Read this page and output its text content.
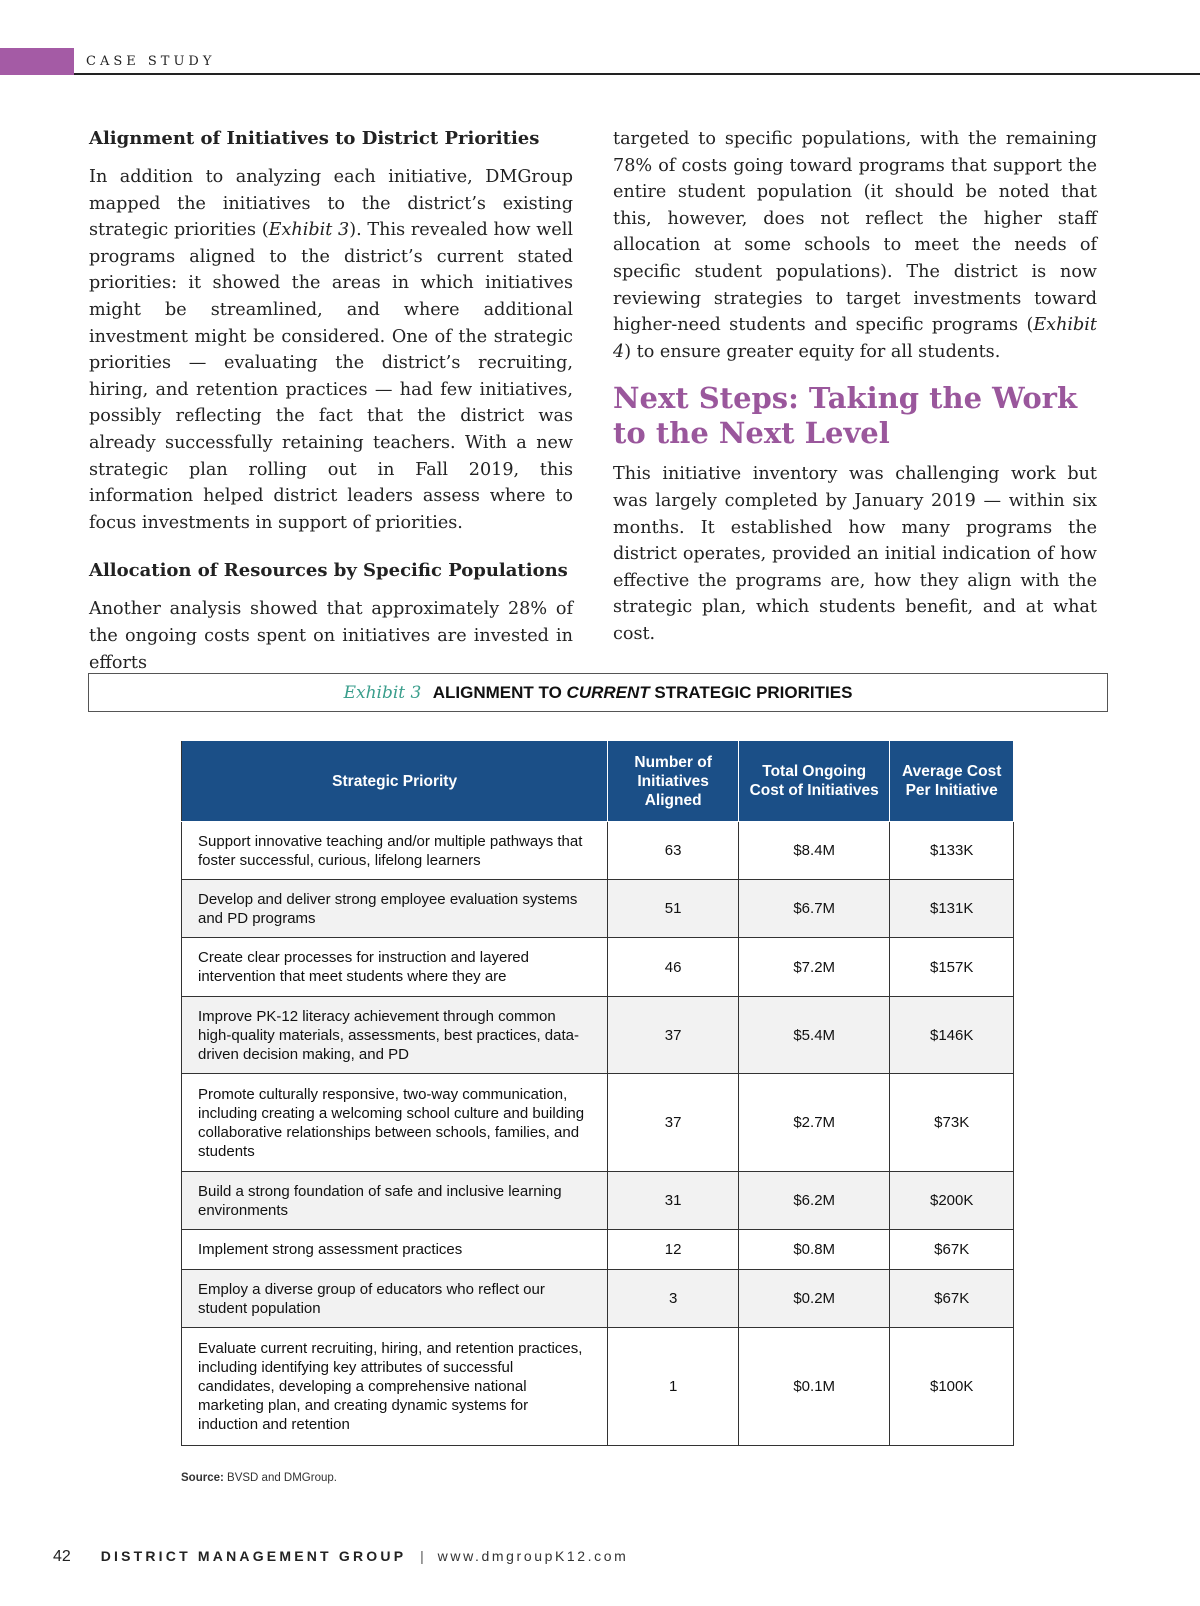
CASE STUDY
Alignment of Initiatives to District Priorities

In addition to analyzing each initiative, DMGroup mapped the initiatives to the district’s existing strategic priorities (Exhibit 3). This revealed how well programs aligned to the district’s current stated priorities: it showed the areas in which initiatives might be streamlined, and where additional investment might be considered. One of the strategic priorities — evaluating the district’s recruiting, hiring, and retention practices — had few initiatives, possibly reflecting the fact that the district was already successfully retaining teachers. With a new strategic plan rolling out in Fall 2019, this information helped district leaders assess where to focus investments in support of priorities.

Allocation of Resources by Specific Populations

Another analysis showed that approximately 28% of the ongoing costs spent on initiatives are invested in efforts

targeted to specific populations, with the remaining 78% of costs going toward programs that support the entire student population (it should be noted that this, however, does not reflect the higher staff allocation at some schools to meet the needs of specific student populations). The district is now reviewing strategies to target investments toward higher-need students and specific programs (Exhibit 4) to ensure greater equity for all students.

Next Steps: Taking the Work to the Next Level

This initiative inventory was challenging work but was largely completed by January 2019 — within six months. It established how many programs the district operates, provided an initial indication of how effective the programs are, how they align with the strategic plan, which students benefit, and at what cost.

Exhibit 3 ALIGNMENT TO CURRENT STRATEGIC PRIORITIES
Strategic Priority	Number of Initiatives Aligned	Total Ongoing Cost of Initiatives	Average Cost Per Initiative
Support innovative teaching and/or multiple pathways that foster successful, curious, lifelong learners	63	$8.4M	$133K
Develop and deliver strong employee evaluation systems and PD programs	51	$6.7M	$131K
Create clear processes for instruction and layered intervention that meet students where they are	46	$7.2M	$157K
Improve PK-12 literacy achievement through common high-quality materials, assessments, best practices, data-driven decision making, and PD	37	$5.4M	$146K
Promote culturally responsive, two-way communication, including creating a welcoming school culture and building collaborative relationships between schools, families, and students	37	$2.7M	$73K
Build a strong foundation of safe and inclusive learning environments	31	$6.2M	$200K
Implement strong assessment practices	12	$0.8M	$67K
Employ a diverse group of educators who reflect our student population	3	$0.2M	$67K
Evaluate current recruiting, hiring, and retention practices, including identifying key attributes of successful candidates, developing a comprehensive national marketing plan, and creating dynamic systems for induction and retention	1	$0.1M	$100K
Source: BVSD and DMGroup.
42 DISTRICT MANAGEMENT GROUP | www.dmgroupK12.com
